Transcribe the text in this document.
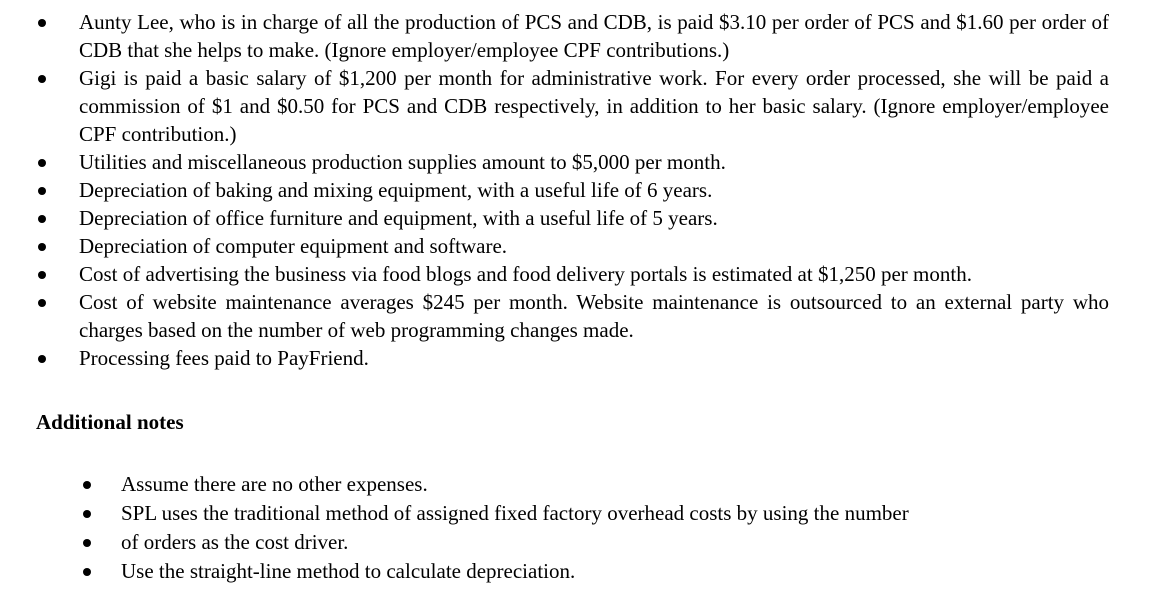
Aunty Lee, who is in charge of all the production of PCS and CDB, is paid $3.10 per order of PCS and $1.60 per order of CDB that she helps to make. (Ignore employer/employee CPF contributions.)
Gigi is paid a basic salary of $1,200 per month for administrative work. For every order processed, she will be paid a commission of $1 and $0.50 for PCS and CDB respectively, in addition to her basic salary. (Ignore employer/employee CPF contribution.)
Utilities and miscellaneous production supplies amount to $5,000 per month.
Depreciation of baking and mixing equipment, with a useful life of 6 years.
Depreciation of office furniture and equipment, with a useful life of 5 years.
Depreciation of computer equipment and software.
Cost of advertising the business via food blogs and food delivery portals is estimated at $1,250 per month.
Cost of website maintenance averages $245 per month. Website maintenance is outsourced to an external party who charges based on the number of web programming changes made.
Processing fees paid to PayFriend.
Additional notes
Assume there are no other expenses.
SPL uses the traditional method of assigned fixed factory overhead costs by using the number
of orders as the cost driver.
Use the straight-line method to calculate depreciation.
